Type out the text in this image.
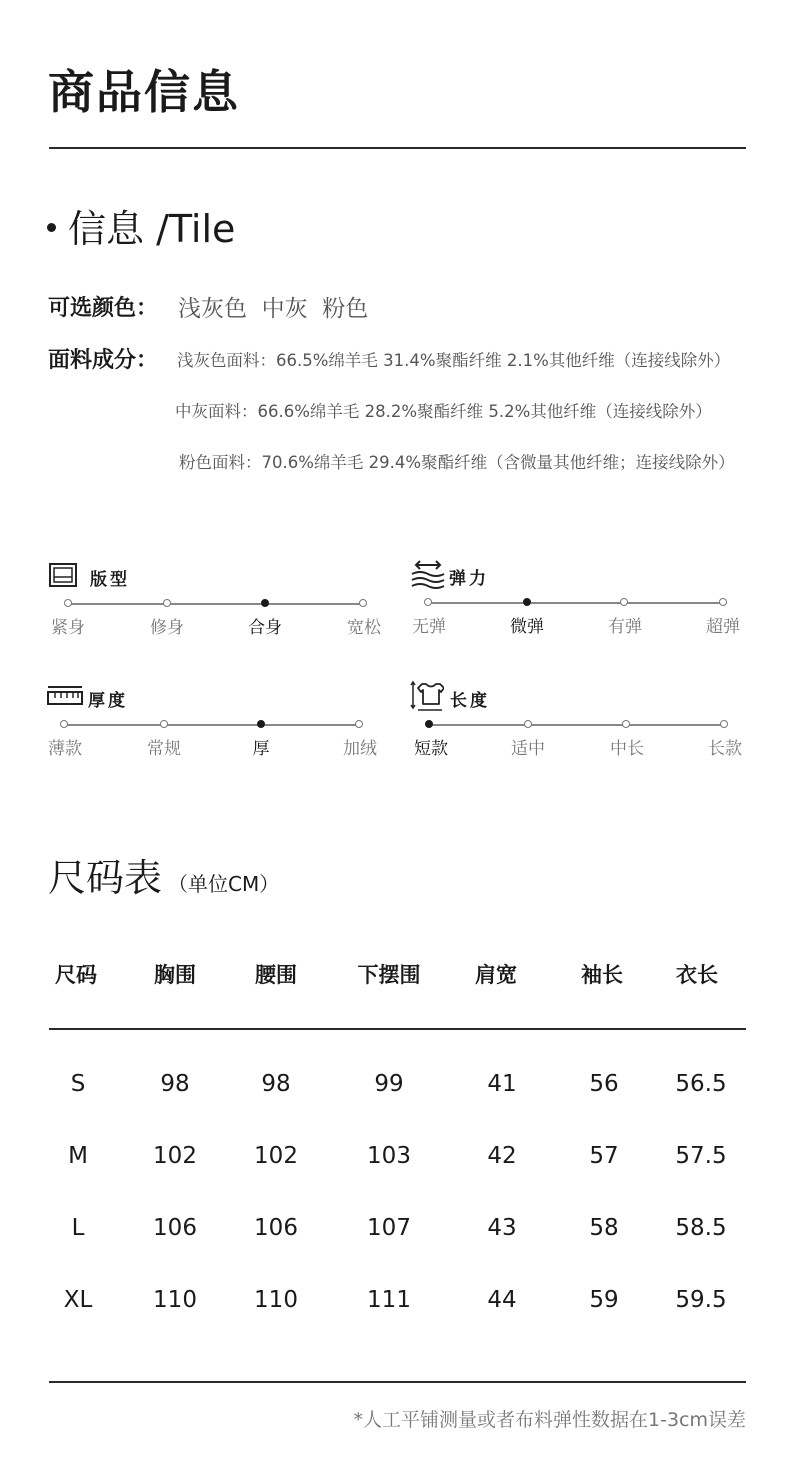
商品信息
信息 /Tile
可选颜色： 浅灰色  中灰  粉色
面料成分： 浅灰色面料：66.5%绵羊毛 31.4%聚酯纤维 2.1%其他纤维（连接线除外）
中灰面料：66.6%绵羊毛 28.2%聚酯纤维 5.2%其他纤维（连接线除外）
粉色面料：70.6%绵羊毛 29.4%聚酯纤维（含微量其他纤维；连接线除外）
版型
紧身	修身	合身	宽松
弹力
无弹	微弹	有弹	超弹
厚度
薄款	常规	厚	加绒
长度
短款	适中	中长	长款
尺码表 （单位CM）
尺码	胸围	腰围	下摆围	肩宽	袖长	衣长
S	98	98	99	41	56	56.5
M	102	102	103	42	57	57.5
L	106	106	107	43	58	58.5
XL	110	110	111	44	59	59.5
*人工平铺测量或者布料弹性数据在1-3cm误差
